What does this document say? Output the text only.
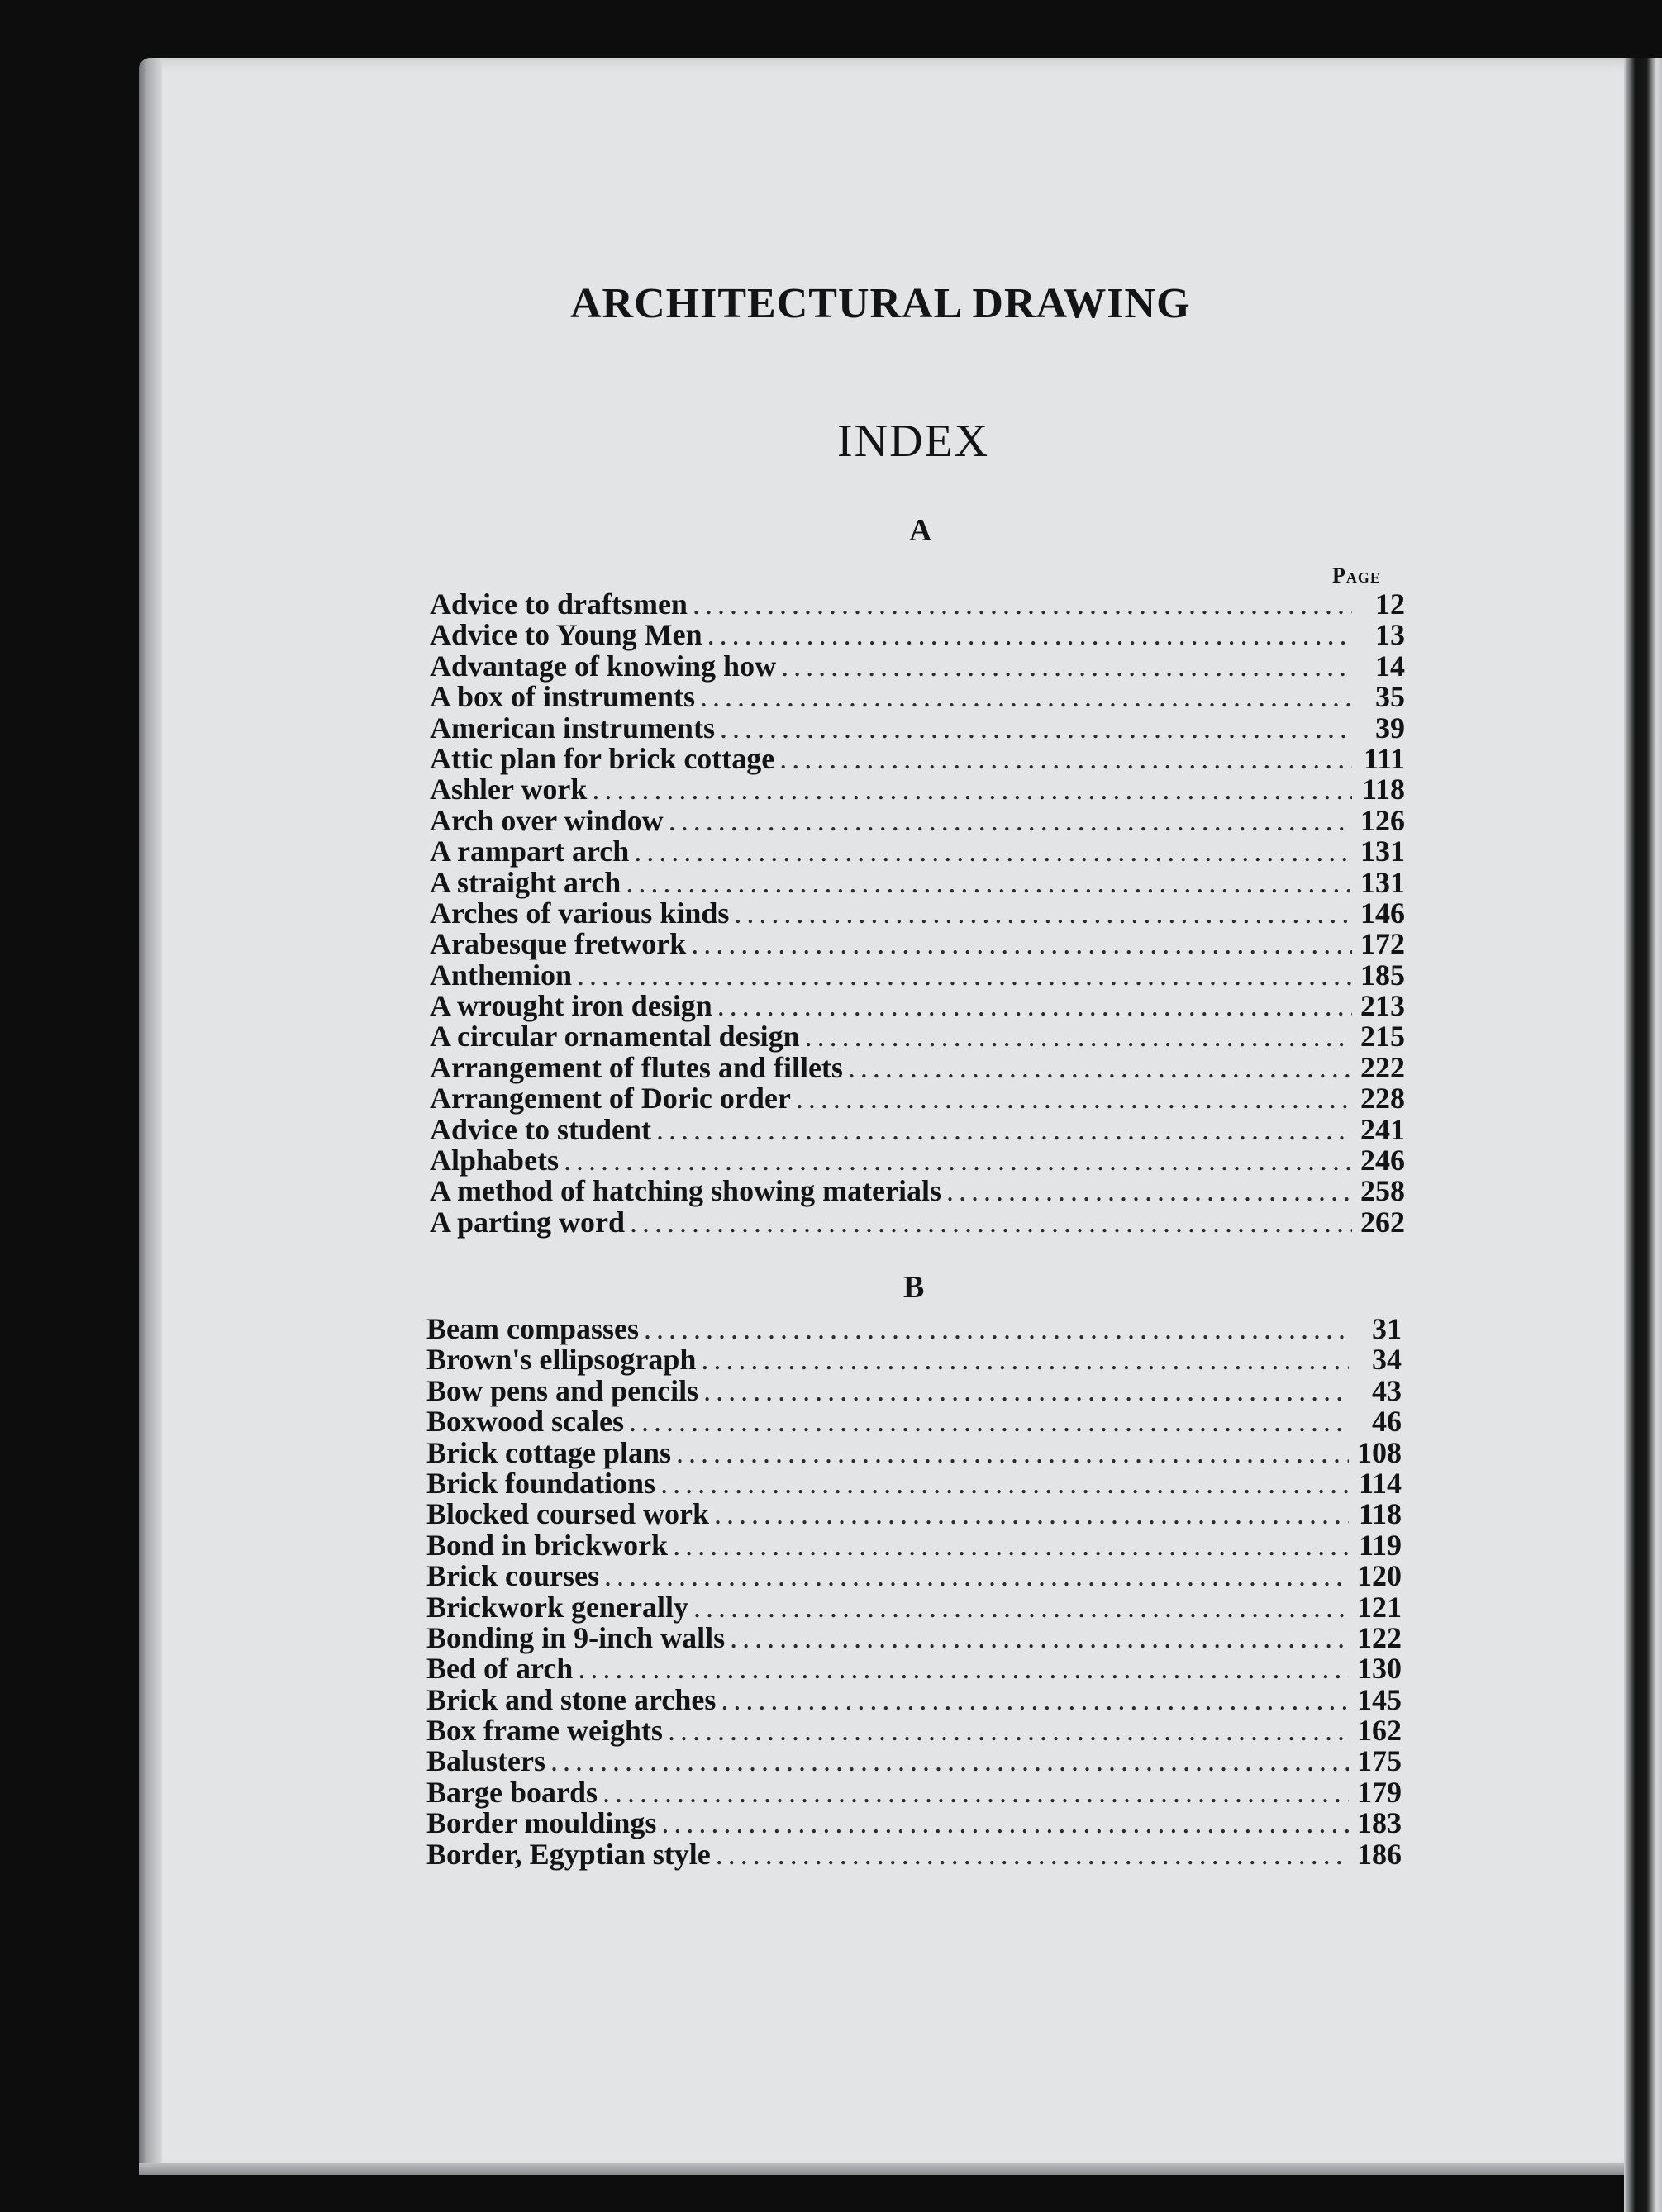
ARCHITECTURAL DRAWING
INDEX
A
Page
Advice to draftsmen .....	12
Advice to Young Men .....	13
Advantage of knowing how .....	14
A box of instruments .....	35
American instruments .....	39
Attic plan for brick cottage .....	111
Ashler work .....	118
Arch over window .....	126
A rampart arch .....	131
A straight arch .....	131
Arches of various kinds .....	146
Arabesque fretwork .....	172
Anthemion .....	185
A wrought iron design .....	213
A circular ornamental design .....	215
Arrangement of flutes and fillets .....	222
Arrangement of Doric order .....	228
Advice to student .....	241
Alphabets .....	246
A method of hatching showing materials .....	258
A parting word .....	262
B
Beam compasses .....	31
Brown's ellipsograph .....	34
Bow pens and pencils .....	43
Boxwood scales .....	46
Brick cottage plans .....	108
Brick foundations .....	114
Blocked coursed work .....	118
Bond in brickwork .....	119
Brick courses .....	120
Brickwork generally .....	121
Bonding in 9-inch walls .....	122
Bed of arch .....	130
Brick and stone arches .....	145
Box frame weights .....	162
Balusters .....	175
Barge boards .....	179
Border mouldings .....	183
Border, Egyptian style .....	186
